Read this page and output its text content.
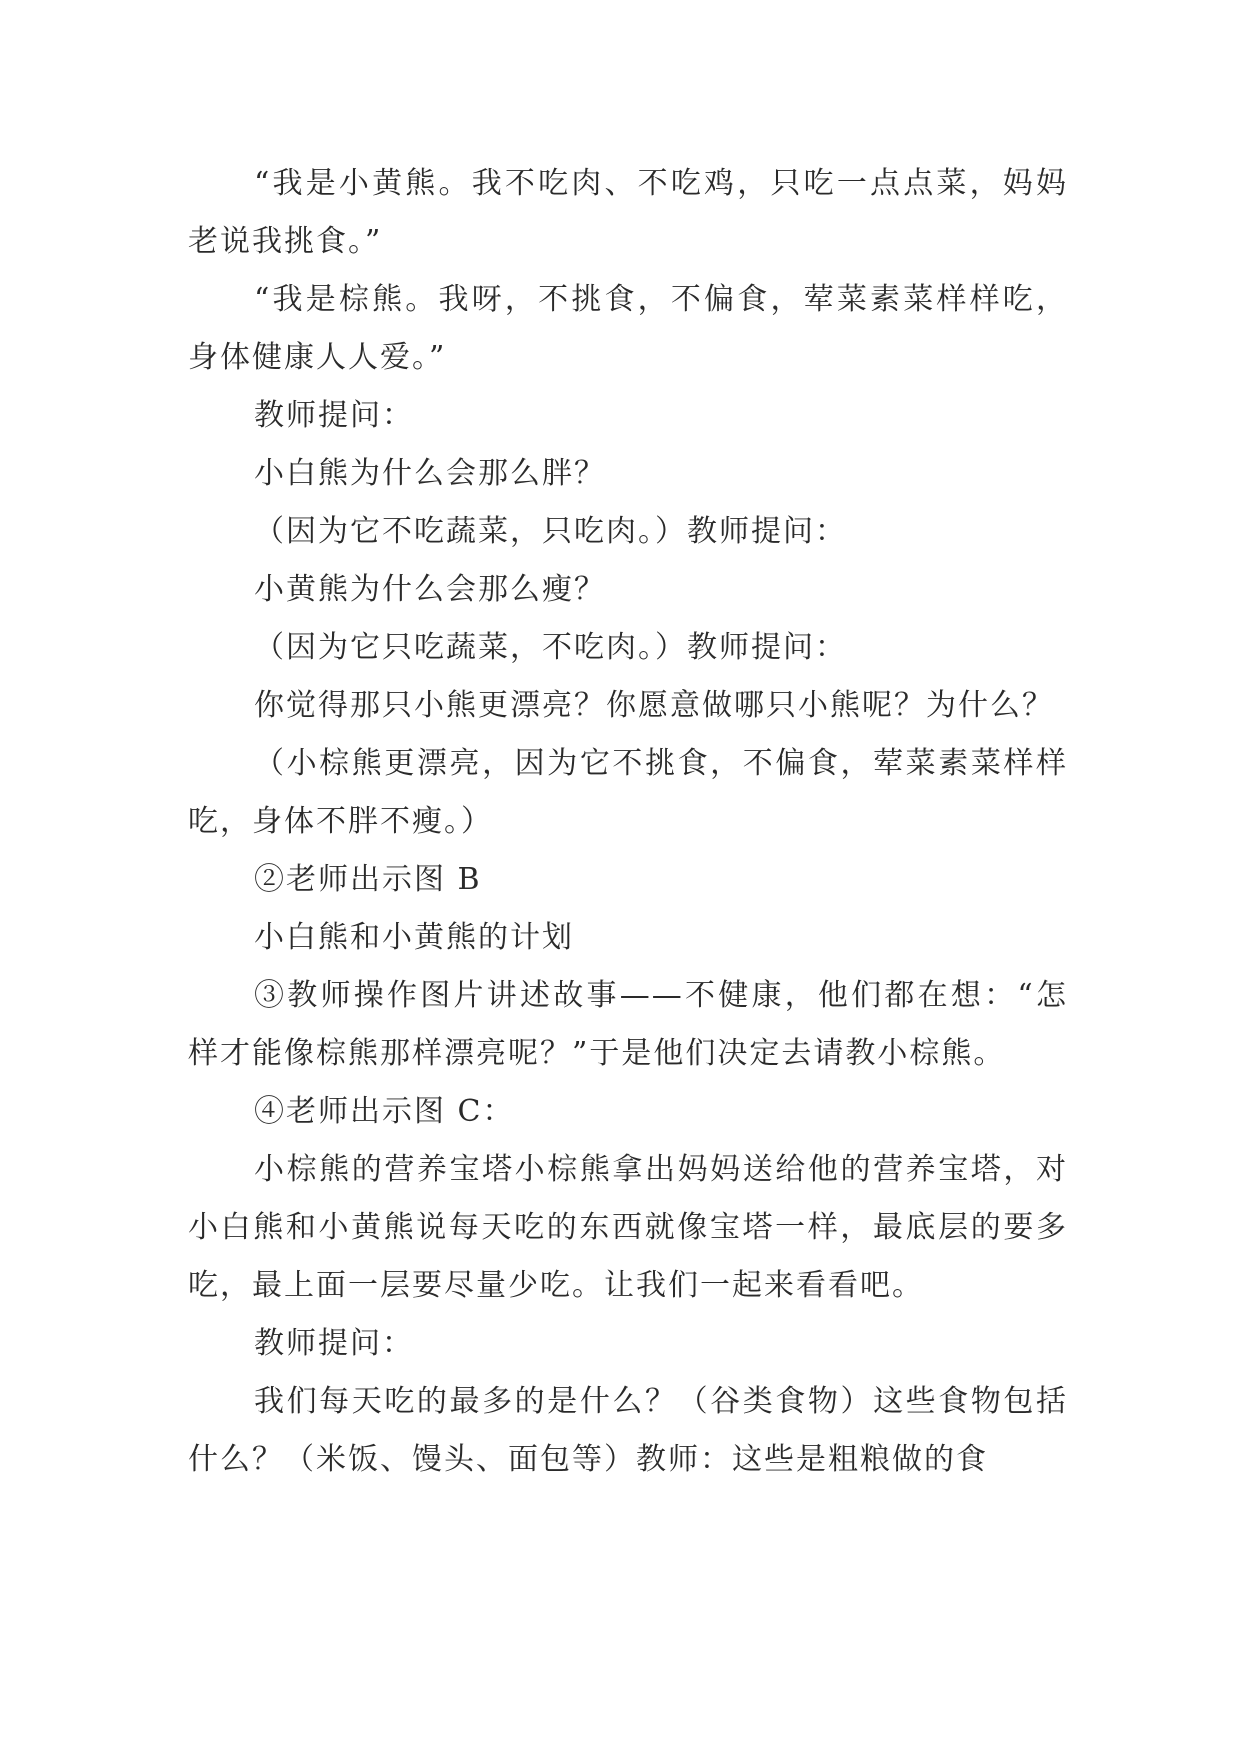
“我是小黄熊。我不吃肉、不吃鸡，只吃一点点菜，妈妈老说我挑食。”

“我是棕熊。我呀，不挑食，不偏食，荤菜素菜样样吃，身体健康人人爱。”

教师提问：

小白熊为什么会那么胖？

（因为它不吃蔬菜，只吃肉。）教师提问：

小黄熊为什么会那么瘦？

（因为它只吃蔬菜，不吃肉。）教师提问：

你觉得那只小熊更漂亮？你愿意做哪只小熊呢？为什么？

（小棕熊更漂亮，因为它不挑食，不偏食，荤菜素菜样样吃，身体不胖不瘦。）

②老师出示图 B

小白熊和小黄熊的计划

③教师操作图片讲述故事——不健康，他们都在想：“怎样才能像棕熊那样漂亮呢？”于是他们决定去请教小棕熊。

④老师出示图 C：

小棕熊的营养宝塔小棕熊拿出妈妈送给他的营养宝塔，对小白熊和小黄熊说每天吃的东西就像宝塔一样，最底层的要多吃，最上面一层要尽量少吃。让我们一起来看看吧。

教师提问：

我们每天吃的最多的是什么？（谷类食物）这些食物包括什么？（米饭、馒头、面包等）教师：这些是粗粮做的食
